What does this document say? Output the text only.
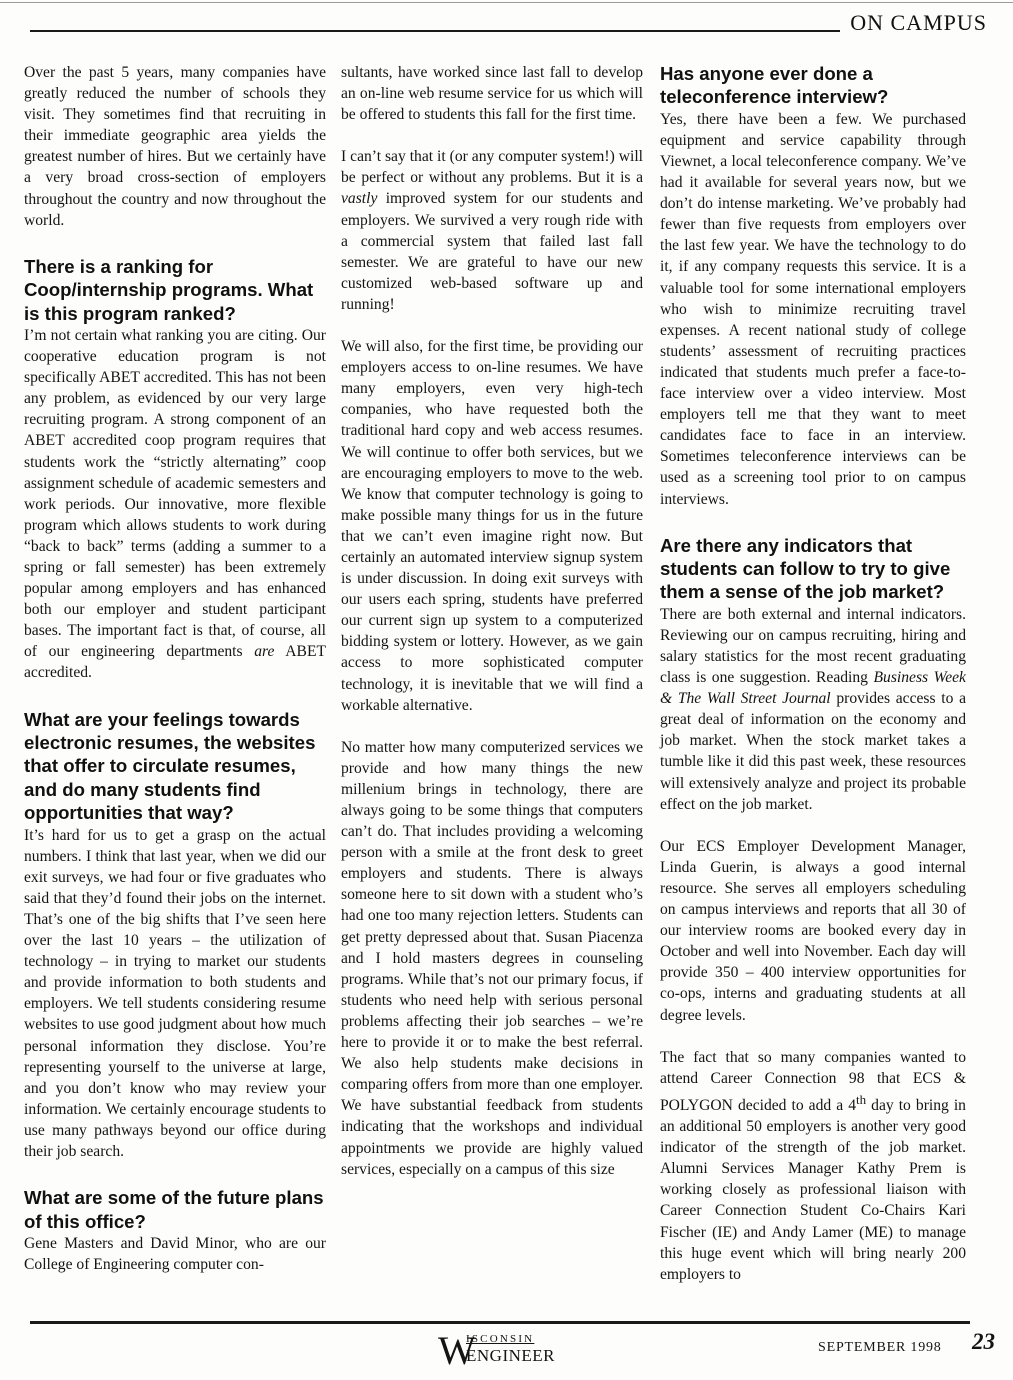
ON CAMPUS

Over the past 5 years, many companies have greatly reduced the number of schools they visit. They sometimes find that recruiting in their immediate geographic area yields the greatest number of hires. But we certainly have a very broad cross-section of employers throughout the country and now throughout the world.

There is a ranking for Coop/internship programs. What is this program ranked?

I’m not certain what ranking you are citing. Our cooperative education program is not specifically ABET accredited. This has not been any problem, as evidenced by our very large recruiting program. A strong component of an ABET accredited coop program requires that students work the “strictly alternating” coop assignment schedule of academic semesters and work periods. Our innovative, more flexible program which allows students to work during “back to back” terms (adding a summer to a spring or fall semester) has been extremely popular among employers and has enhanced both our employer and student participant bases. The important fact is that, of course, all of our engineering departments are ABET accredited.

What are your feelings towards electronic resumes, the websites that offer to circulate resumes, and do many students find opportunities that way?

It’s hard for us to get a grasp on the actual numbers. I think that last year, when we did our exit surveys, we had four or five graduates who said that they’d found their jobs on the internet. That’s one of the big shifts that I’ve seen here over the last 10 years – the utilization of technology – in trying to market our students and provide information to both students and employers. We tell students considering resume websites to use good judgment about how much personal information they disclose. You’re representing yourself to the universe at large, and you don’t know who may review your information. We certainly encourage students to use many pathways beyond our office during their job search.

What are some of the future plans of this office?

Gene Masters and David Minor, who are our College of Engineering computer con-

sultants, have worked since last fall to develop an on-line web resume service for us which will be offered to students this fall for the first time.

I can’t say that it (or any computer system!) will be perfect or without any problems. But it is a vastly improved system for our students and employers. We survived a very rough ride with a commercial system that failed last fall semester. We are grateful to have our new customized web-based software up and running!

We will also, for the first time, be providing our employers access to on-line resumes. We have many employers, even very high-tech companies, who have requested both the traditional hard copy and web access resumes. We will continue to offer both services, but we are encouraging employers to move to the web. We know that computer technology is going to make possible many things for us in the future that we can’t even imagine right now. But certainly an automated interview signup system is under discussion. In doing exit surveys with our users each spring, students have preferred our current sign up system to a computerized bidding system or lottery. However, as we gain access to more sophisticated computer technology, it is inevitable that we will find a workable alternative.

No matter how many computerized services we provide and how many things the new millenium brings in technology, there are always going to be some things that computers can’t do. That includes providing a welcoming person with a smile at the front desk to greet employers and students. There is always someone here to sit down with a student who’s had one too many rejection letters. Students can get pretty depressed about that. Susan Piacenza and I hold masters degrees in counseling programs. While that’s not our primary focus, if students who need help with serious personal problems affecting their job searches – we’re here to provide it or to make the best referral. We also help students make decisions in comparing offers from more than one employer. We have substantial feedback from students indicating that the workshops and individual appointments we provide are highly valued services, especially on a campus of this size

Has anyone ever done a teleconference interview?

Yes, there have been a few. We purchased equipment and service capability through Viewnet, a local teleconference company. We’ve had it available for several years now, but we don’t do intense marketing. We’ve probably had fewer than five requests from employers over the last few year. We have the technology to do it, if any company requests this service. It is a valuable tool for some international employers who wish to minimize recruiting travel expenses. A recent national study of college students’ assessment of recruiting practices indicated that students much prefer a face-to-face interview over a video interview. Most employers tell me that they want to meet candidates face to face in an interview. Sometimes teleconference interviews can be used as a screening tool prior to on campus interviews.

Are there any indicators that students can follow to try to give them a sense of the job market?

There are both external and internal indicators. Reviewing our on campus recruiting, hiring and salary statistics for the most recent graduating class is one suggestion. Reading Business Week & The Wall Street Journal provides access to a great deal of information on the economy and job market. When the stock market takes a tumble like it did this past week, these resources will extensively analyze and project its probable effect on the job market.

Our ECS Employer Development Manager, Linda Guerin, is always a good internal resource. She serves all employers scheduling on campus interviews and reports that all 30 of our interview rooms are booked every day in October and well into November. Each day will provide 350 – 400 interview opportunities for co-ops, interns and graduating students at all degree levels.

The fact that so many companies wanted to attend Career Connection 98 that ECS & POLYGON decided to add a 4th day to bring in an additional 50 employers is another very good indicator of the strength of the job market. Alumni Services Manager Kathy Prem is working closely as professional liaison with Career Connection Student Co-Chairs Kari Fischer (IE) and Andy Lamer (ME) to manage this huge event which will bring nearly 200 employers to

W
ISCONSIN
ENGINEER	SEPTEMBER 1998 23
